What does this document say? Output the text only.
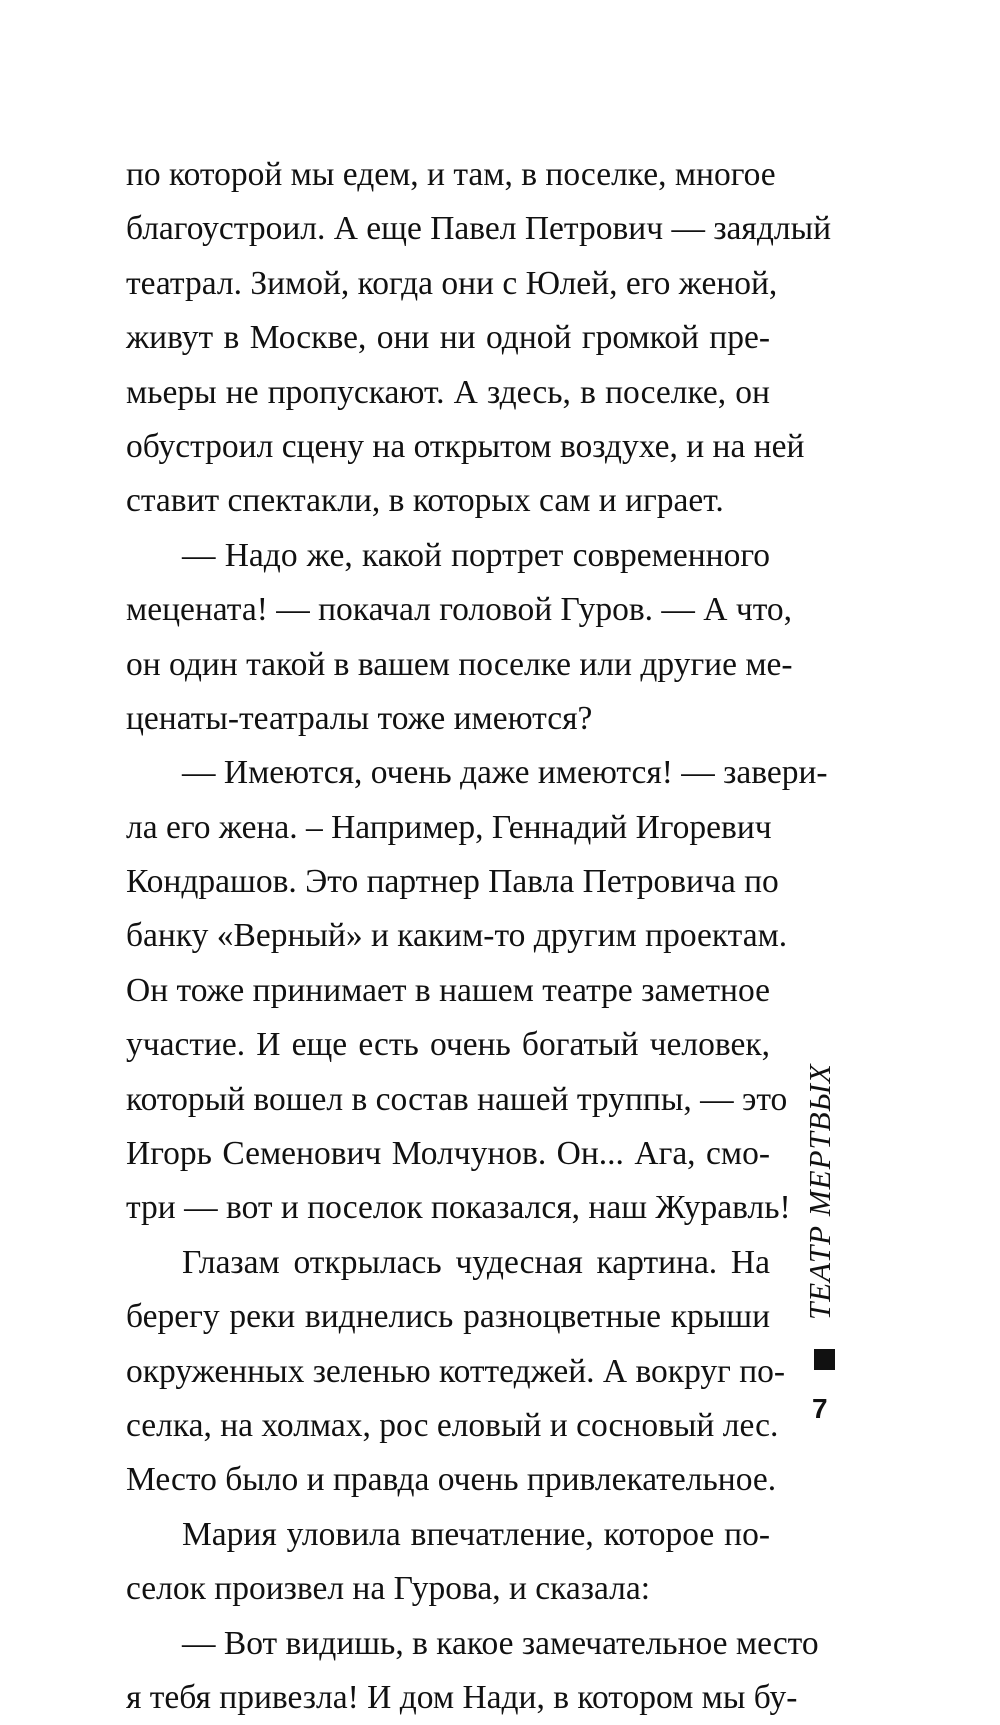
по которой мы едем, и там, в поселке, многое
благоустроил. А еще Павел Петрович — заядлый
театрал. Зимой, когда они с Юлей, его женой,
живут в Москве, они ни одной громкой пре-
мьеры не пропускают. А здесь, в поселке, он
обустроил сцену на открытом воздухе, и на ней
ставит спектакли, в которых сам и играет.
— Надо же, какой портрет современного
мецената! — покачал головой Гуров. — А что,
он один такой в вашем поселке или другие ме-
ценаты-театралы тоже имеются?
— Имеются, очень даже имеются! — завери-
ла его жена. – Например, Геннадий Игоревич
Кондрашов. Это партнер Павла Петровича по
банку «Верный» и каким-то другим проектам.
Он тоже принимает в нашем театре заметное
участие. И еще есть очень богатый человек,
который вошел в состав нашей труппы, — это
Игорь Семенович Молчунов. Он... Ага, смо-
три — вот и поселок показался, наш Журавль!
Глазам открылась чудесная картина. На
берегу реки виднелись разноцветные крыши
окруженных зеленью коттеджей. А вокруг по-
селка, на холмах, рос еловый и сосновый лес.
Место было и правда очень привлекательное.
Мария уловила впечатление, которое по-
селок произвел на Гурова, и сказала:
— Вот видишь, в какое замечательное место
я тебя привезла! И дом Нади, в котором мы бу-
ТЕАТР МЕРТВЫХ
7
